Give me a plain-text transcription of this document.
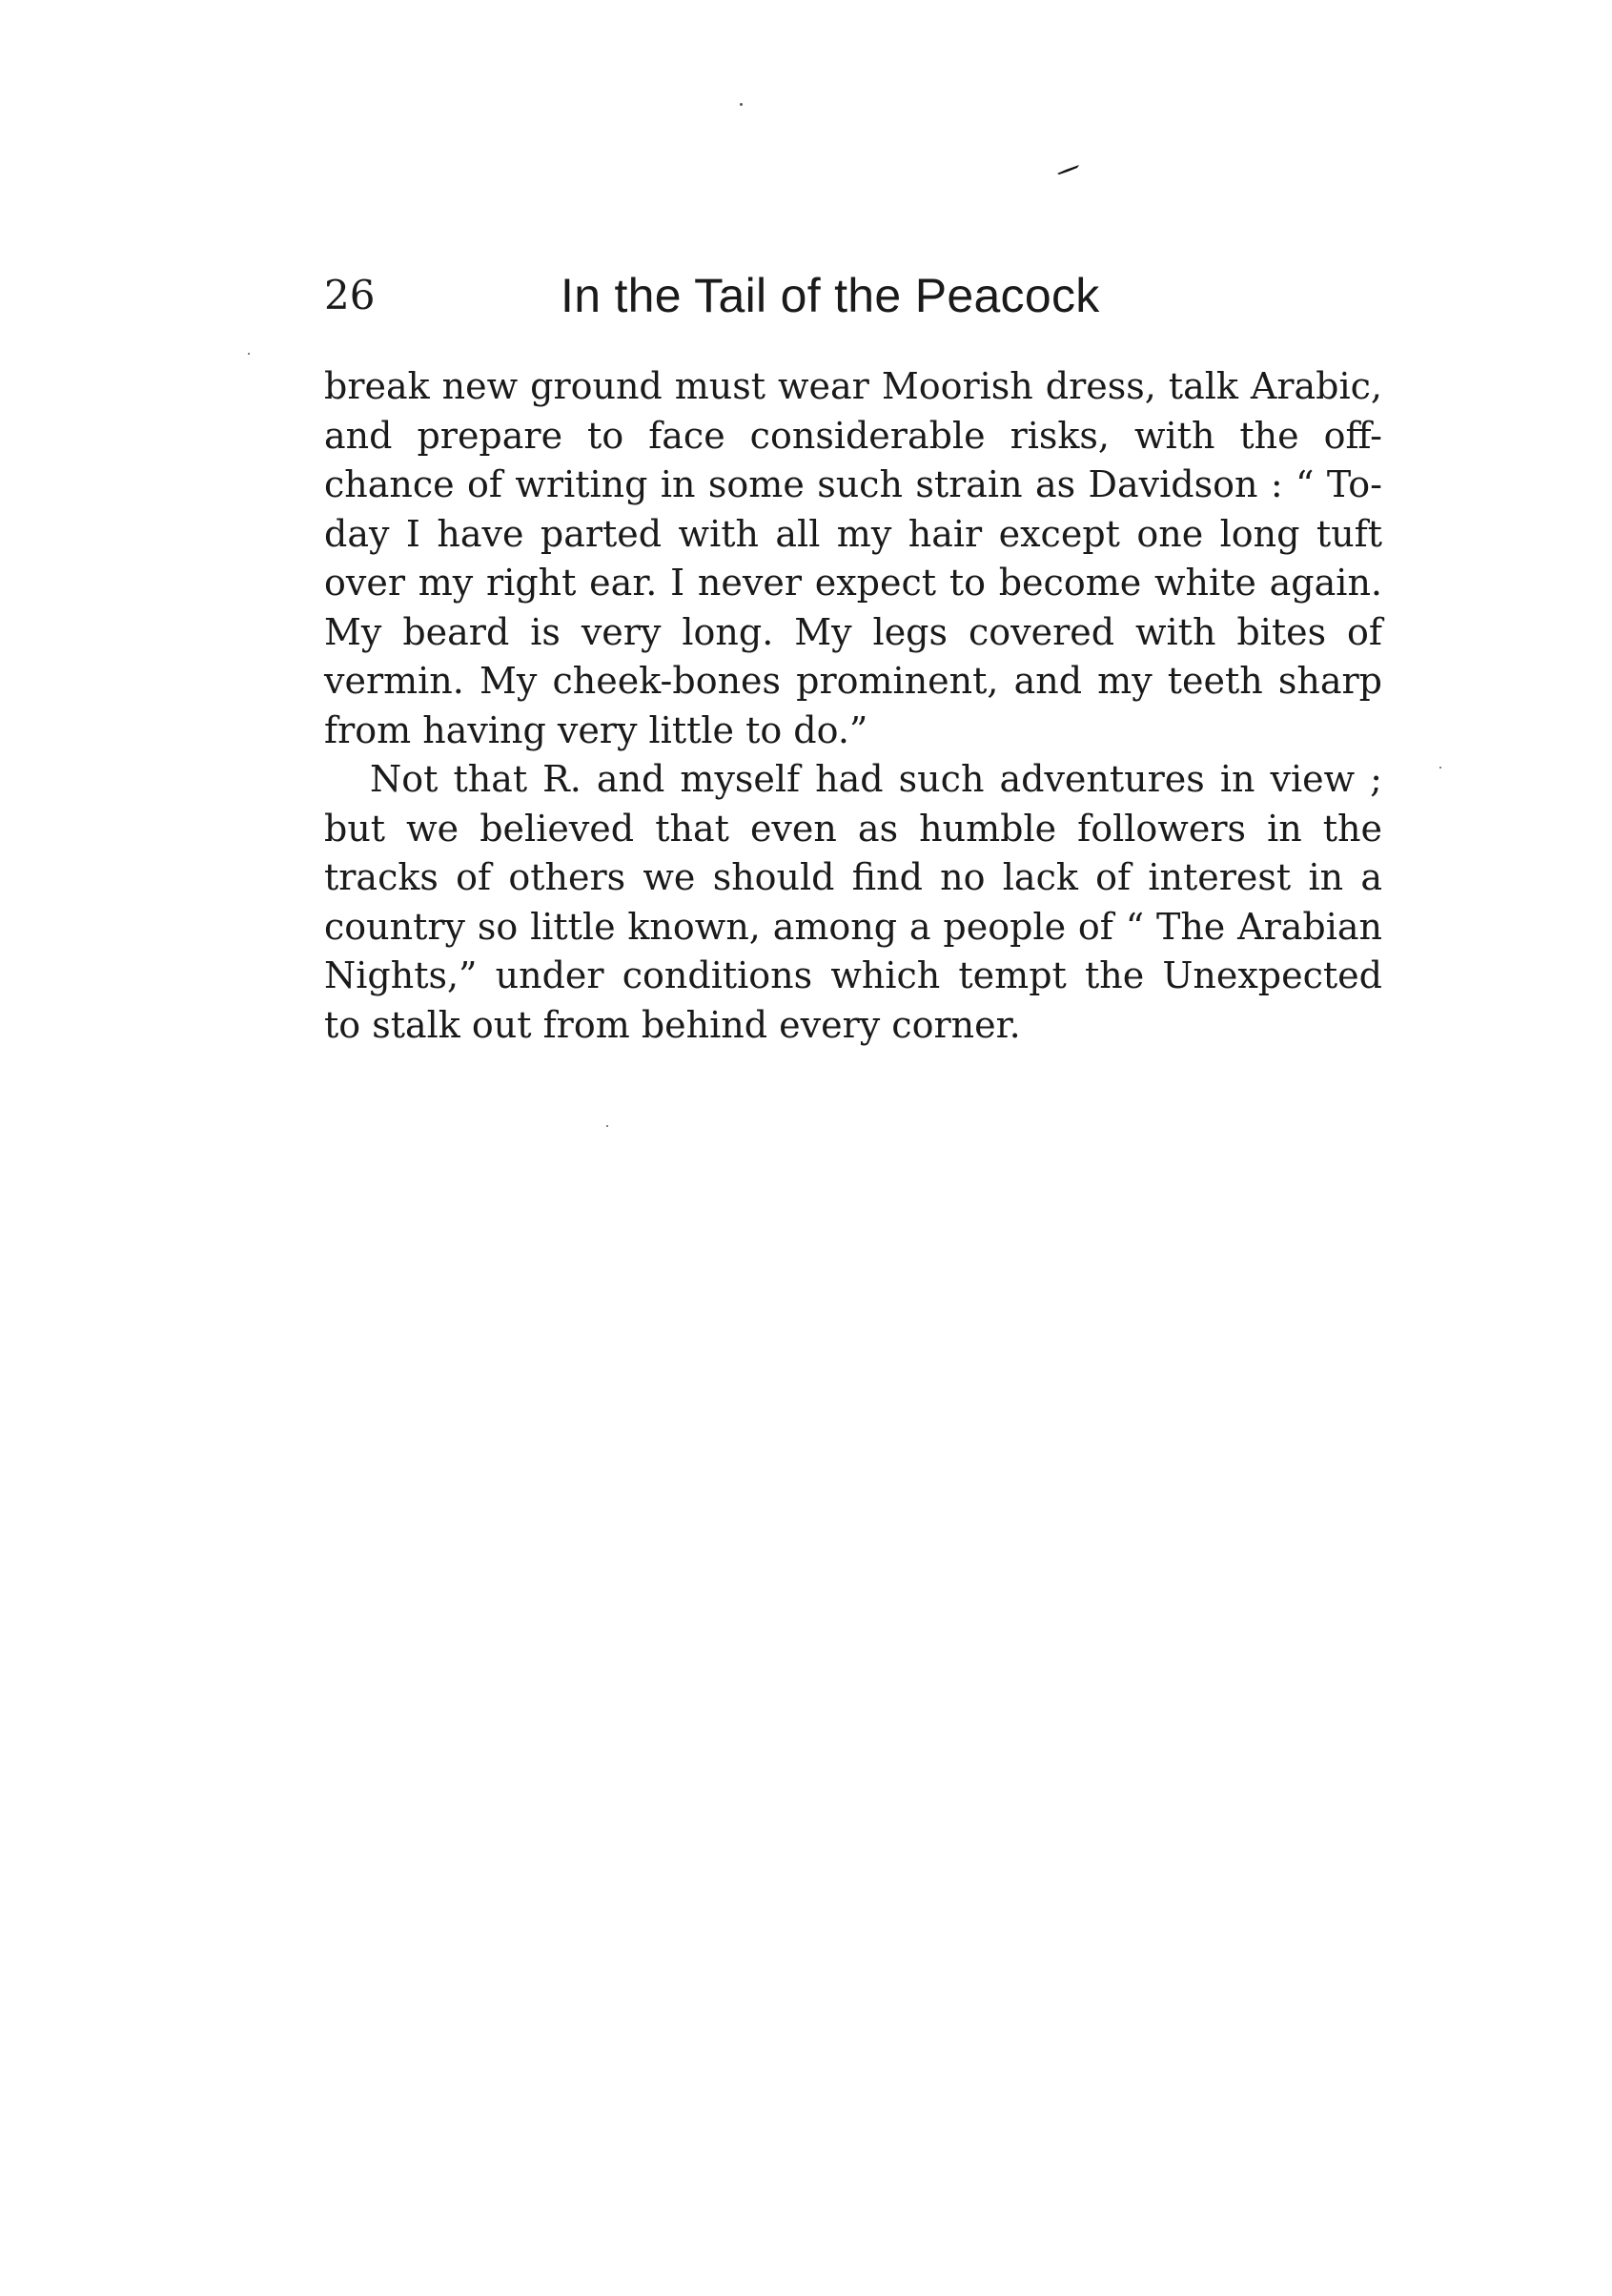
26	In the Tail of the Peacock

break new ground must wear Moorish dress, talk Arabic, and prepare to face considerable risks, with the off-chance of writing in some such strain as Davidson : “ To-day I have parted with all my hair except one long tuft over my right ear. I never expect to become white again. My beard is very long. My legs covered with bites of vermin. My cheek-bones prominent, and my teeth sharp from having very little to do.”

Not that R. and myself had such adventures in view ; but we believed that even as humble followers in the tracks of others we should find no lack of interest in a country so little known, among a people of “ The Arabian Nights,” under conditions which tempt the Unexpected to stalk out from behind every corner.
